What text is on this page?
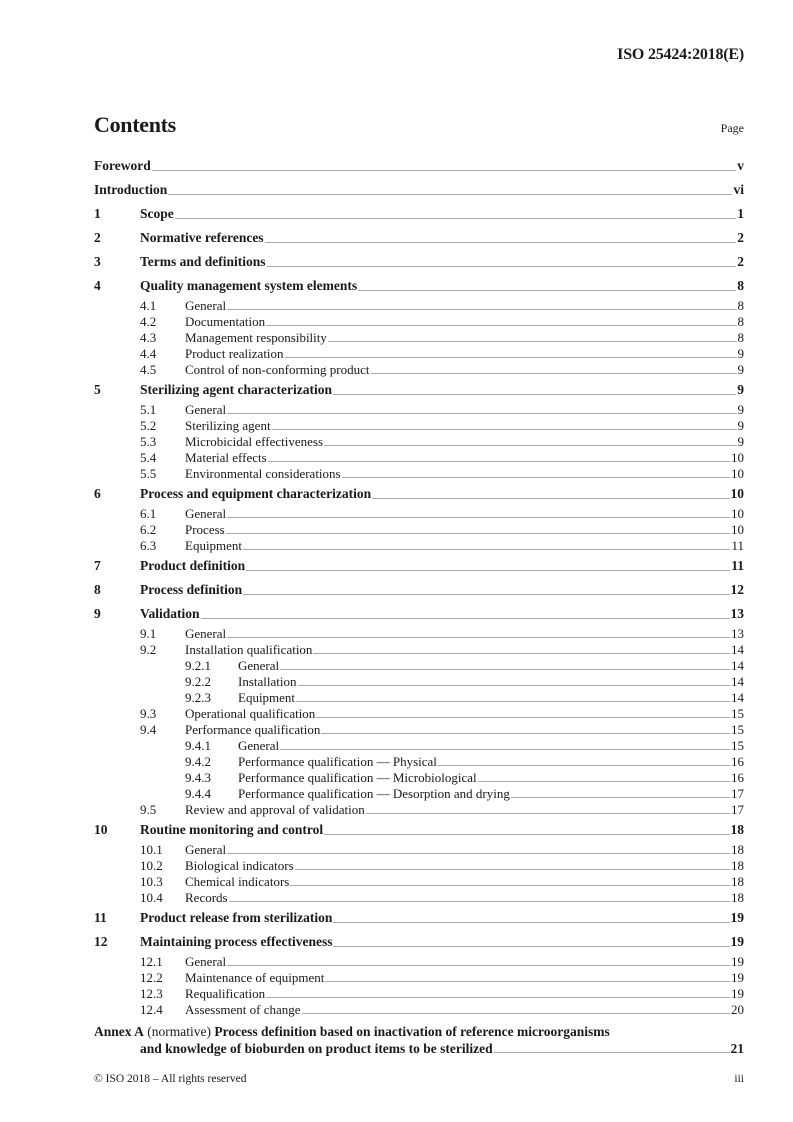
ISO 25424:2018(E)
Contents	Page
Foreword	v
Introduction	vi
1	Scope	1
2	Normative references	2
3	Terms and definitions	2
4	Quality management system elements	8
4.1	General	8
4.2	Documentation	8
4.3	Management responsibility	8
4.4	Product realization	9
4.5	Control of non-conforming product	9
5	Sterilizing agent characterization	9
5.1	General	9
5.2	Sterilizing agent	9
5.3	Microbicidal effectiveness	9
5.4	Material effects	10
5.5	Environmental considerations	10
6	Process and equipment characterization	10
6.1	General	10
6.2	Process	10
6.3	Equipment	11
7	Product definition	11
8	Process definition	12
9	Validation	13
9.1	General	13
9.2	Installation qualification	14
9.2.1	General	14
9.2.2	Installation	14
9.2.3	Equipment	14
9.3	Operational qualification	15
9.4	Performance qualification	15
9.4.1	General	15
9.4.2	Performance qualification — Physical	16
9.4.3	Performance qualification — Microbiological	16
9.4.4	Performance qualification — Desorption and drying	17
9.5	Review and approval of validation	17
10	Routine monitoring and control	18
10.1	General	18
10.2	Biological indicators	18
10.3	Chemical indicators	18
10.4	Records	18
11	Product release from sterilization	19
12	Maintaining process effectiveness	19
12.1	General	19
12.2	Maintenance of equipment	19
12.3	Requalification	19
12.4	Assessment of change	20
Annex A (normative) Process definition based on inactivation of reference microorganisms
and knowledge of bioburden on product items to be sterilized	21
© ISO 2018 – All rights reserved	iii
